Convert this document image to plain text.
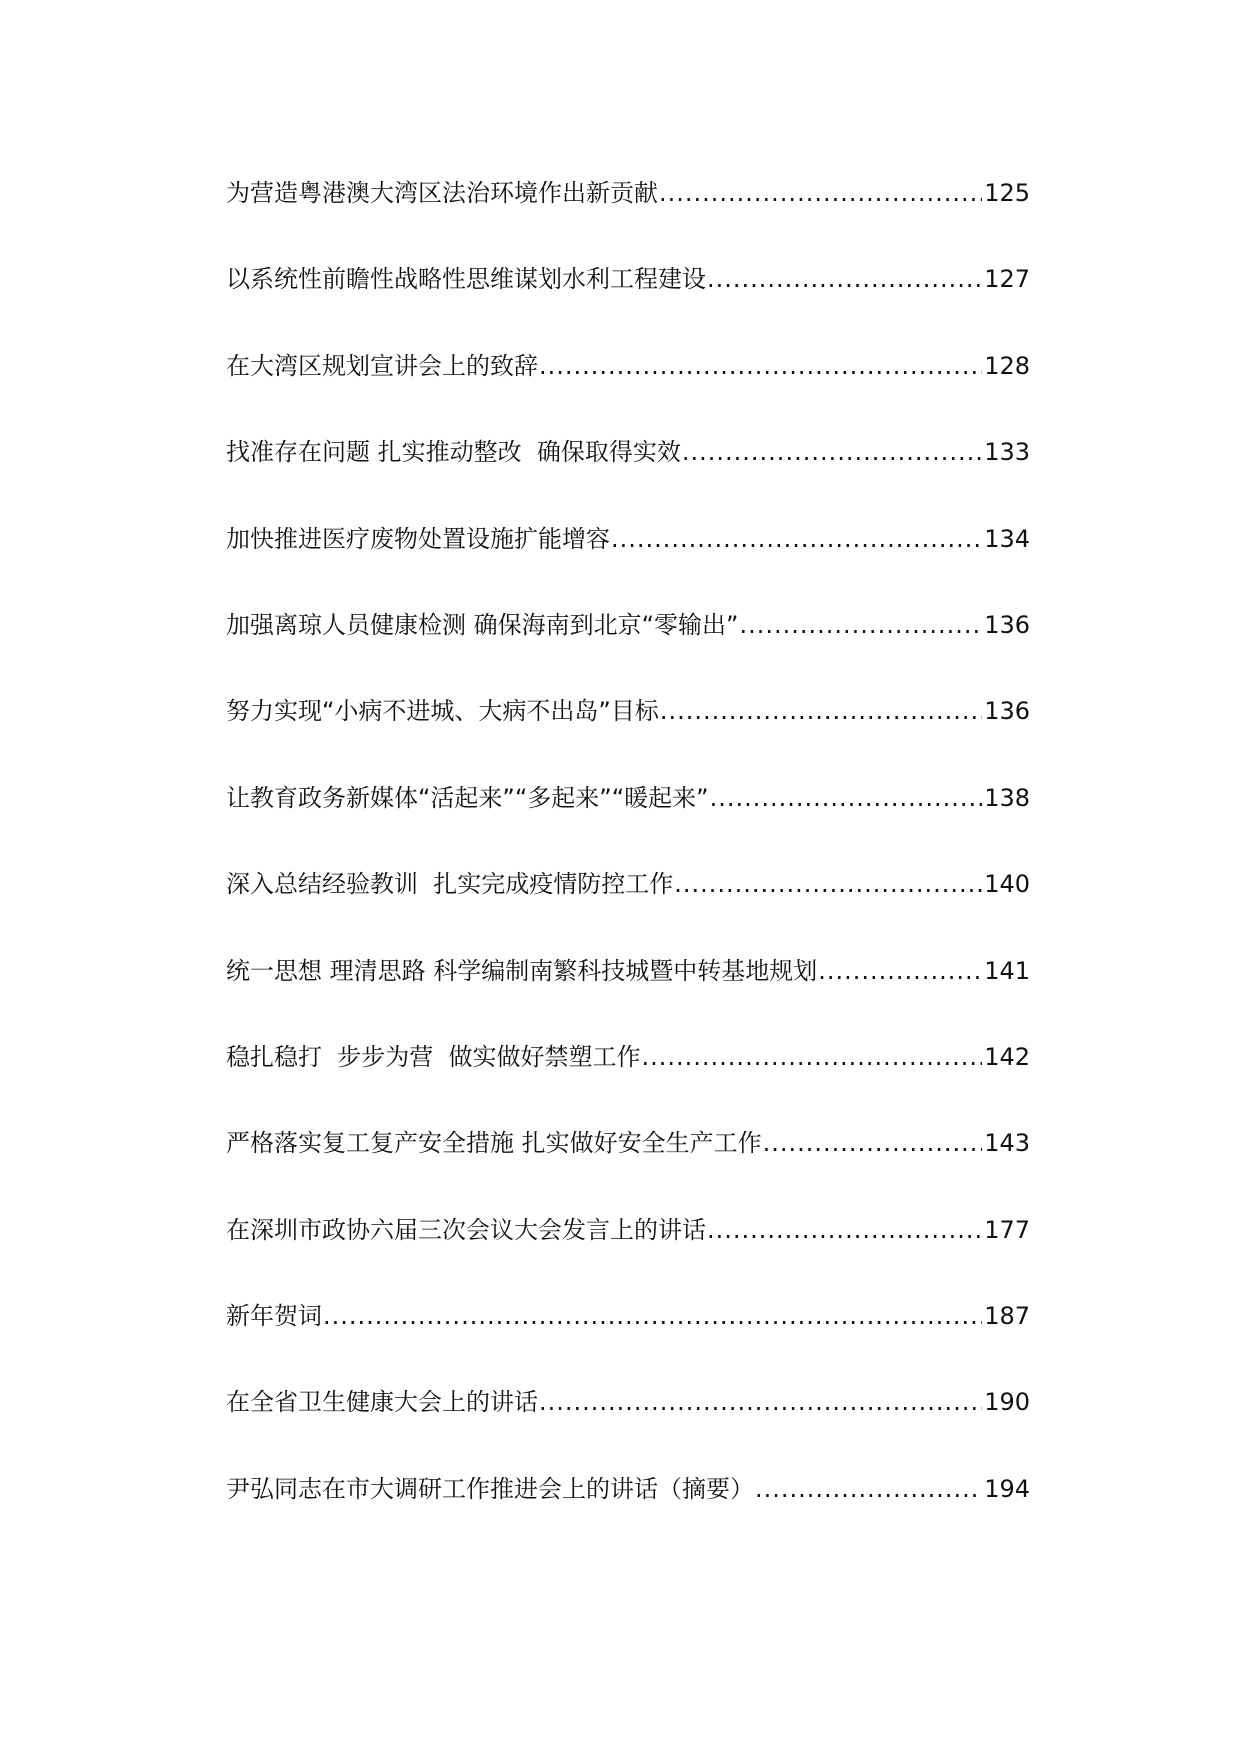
为营造粤港澳大湾区法治环境作出新贡献 .....	125
以系统性前瞻性战略性思维谋划水利工程建设 .....	127
在大湾区规划宣讲会上的致辞 .....	128
找准存在问题 扎实推动整改  确保取得实效 .....	133
加快推进医疗废物处置设施扩能增容 .....	134
加强离琼人员健康检测 确保海南到北京“零输出” .....	136
努力实现“小病不进城、大病不出岛”目标 .....	136
让教育政务新媒体“活起来”“多起来”“暖起来” .....	138
深入总结经验教训  扎实完成疫情防控工作 .....	140
统一思想 理清思路 科学编制南繁科技城暨中转基地规划 .....	141
稳扎稳打  步步为营  做实做好禁塑工作 .....	142
严格落实复工复产安全措施 扎实做好安全生产工作 .....	143
在深圳市政协六届三次会议大会发言上的讲话 .....	177
新年贺词 .....	187
在全省卫生健康大会上的讲话 .....	190
尹弘同志在市大调研工作推进会上的讲话（摘要） .....	194
